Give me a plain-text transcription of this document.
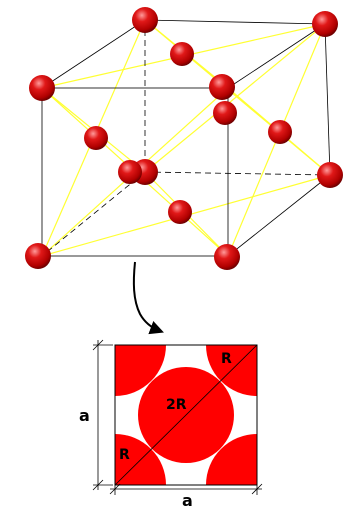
R
2R
R
a
a
